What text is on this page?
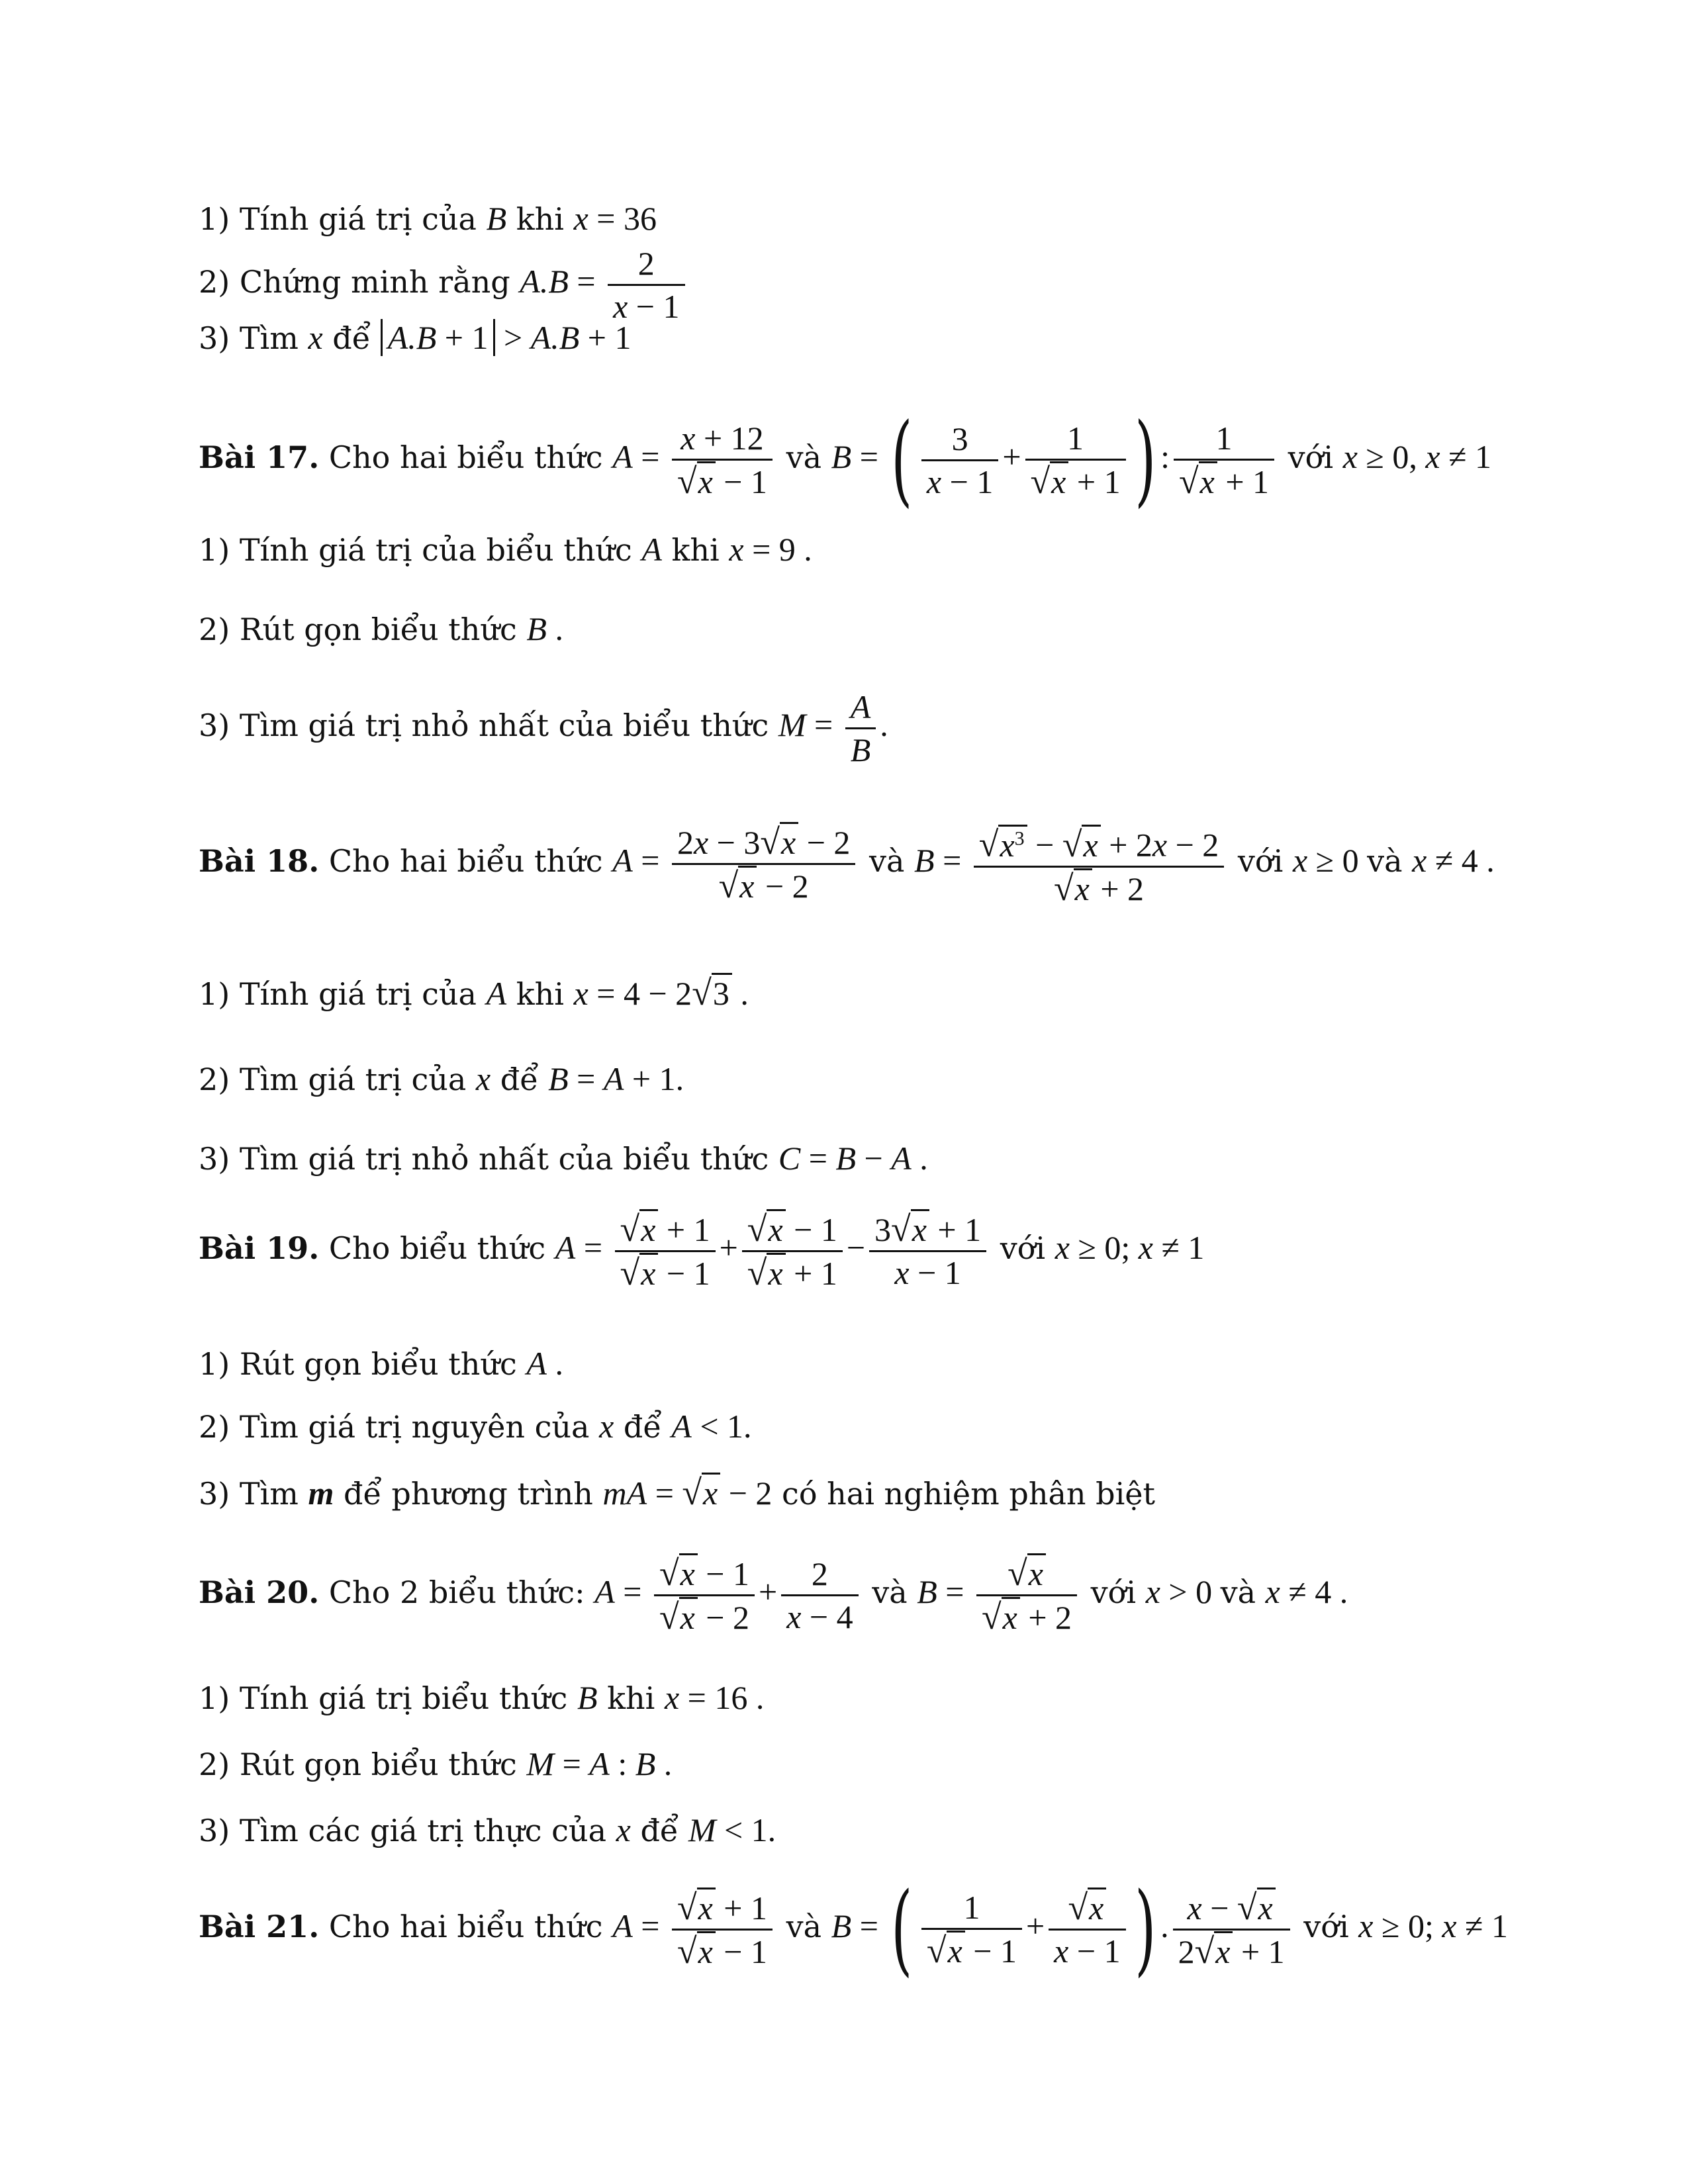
1) Tính giá trị của B khi x = 36
2) Chứng minh rằng $A.B = \frac{2}{x - 1}$
3) Tìm x để A.B + 1 > A.B + 1
Bài 17. Cho hai biểu thức $A = \frac{x + 12}{√x - 1}$ và B = ( $\frac{3}{x - 1} + \frac{1}{√x + 1}$ ) : $\frac{1}{√x + 1}$ với x ≥ 0, x ≠ 1
1) Tính giá trị của biểu thức A khi x = 9 .
2) Rút gọn biểu thức B .
3) Tìm giá trị nhỏ nhất của biểu thức $M = \frac{A}{B}$ .
Bài 18. Cho hai biểu thức $A = \frac{2x - 3√x - 2}{√x - 2}$ và $B = \frac{√x^3 - √x + 2x - 2}{√x + 2}$ với x ≥ 0 và x ≠ 4 .
1) Tính giá trị của A khi x = 4 − 2√3 .
2) Tìm giá trị của x để B = A + 1.
3) Tìm giá trị nhỏ nhất của biểu thức C = B − A .
Bài 19. Cho biểu thức $A = \frac{√x + 1}{√x - 1} + \frac{√x - 1}{√x + 1} - \frac{3√x + 1}{x - 1}$ với x ≥ 0; x ≠ 1
1) Rút gọn biểu thức A .
2) Tìm giá trị nguyên của x để A < 1.
3) Tìm m để phương trình mA = √x − 2 có hai nghiệm phân biệt
Bài 20. Cho 2 biểu thức: $A = \frac{√x - 1}{√x - 2} + \frac{2}{x - 4}$ và $B = \frac{√x}{√x + 2}$ với x > 0 và x ≠ 4 .
1) Tính giá trị biểu thức B khi x = 16 .
2) Rút gọn biểu thức M = A : B .
3) Tìm các giá trị thực của x để M < 1.
Bài 21. Cho hai biểu thức $A = \frac{√x + 1}{√x - 1}$ và B = ( $\frac{1}{√x - 1} + \frac{√x}{x - 1}$ ) . $\frac{x - √x}{2√x + 1}$ với x ≥ 0; x ≠ 1
